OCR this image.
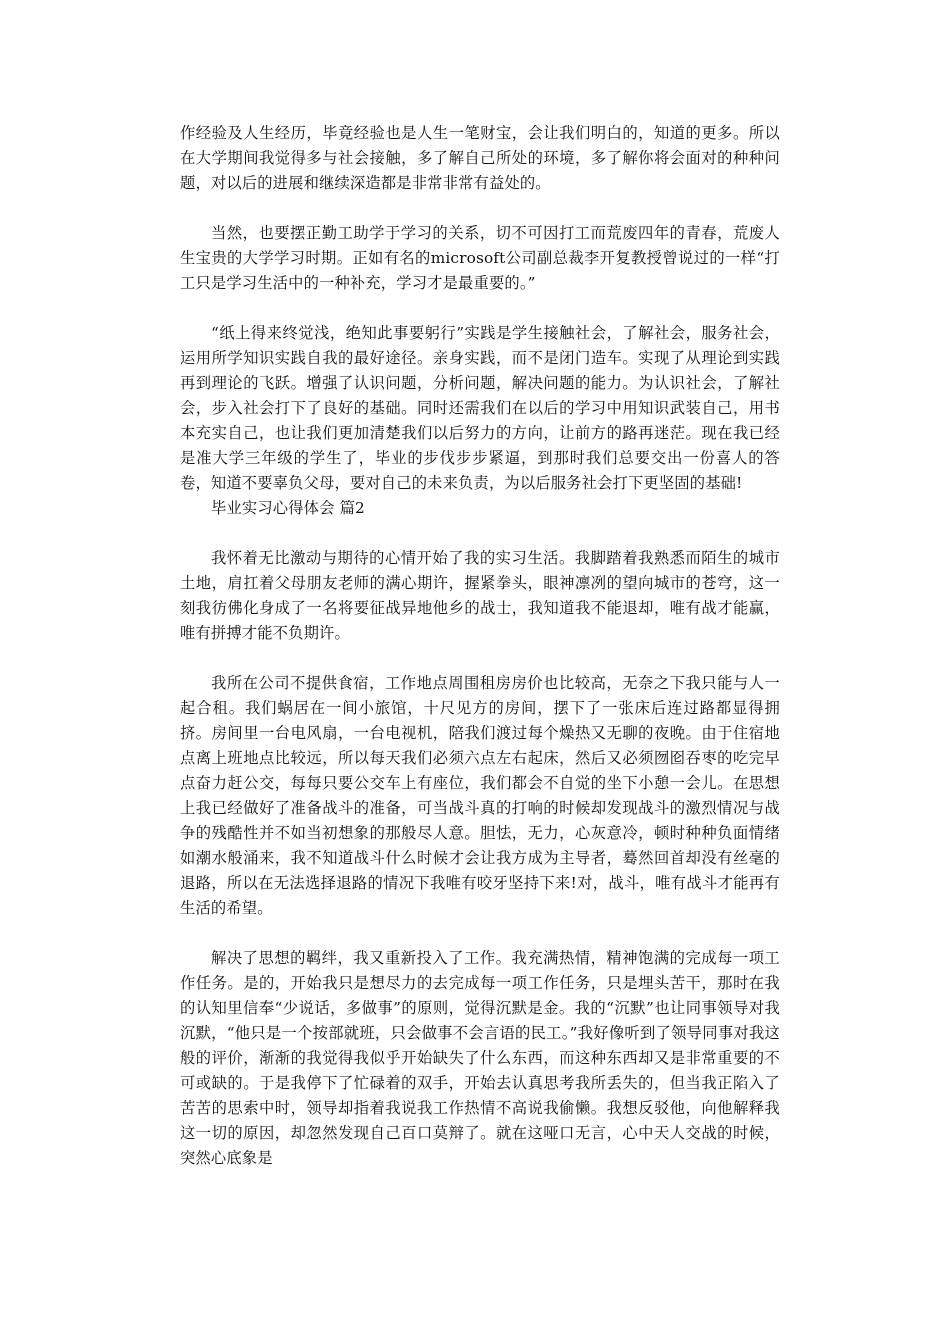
作经验及人生经历，毕竟经验也是人生一笔财宝，会让我们明白的，知道的更多。所以在大学期间我觉得多与社会接触，多了解自己所处的环境，多了解你将会面对的种种问题，对以后的进展和继续深造都是非常非常有益处的。

当然，也要摆正勤工助学于学习的关系，切不可因打工而荒废四年的青春，荒废人生宝贵的大学学习时期。正如有名的microsoft公司副总裁李开复教授曾说过的一样“打工只是学习生活中的一种补充，学习才是最重要的。”

“纸上得来终觉浅，绝知此事要躬行”实践是学生接触社会，了解社会，服务社会，运用所学知识实践自我的最好途径。亲身实践，而不是闭门造车。实现了从理论到实践再到理论的飞跃。增强了认识问题，分析问题，解决问题的能力。为认识社会，了解社会，步入社会打下了良好的基础。同时还需我们在以后的学习中用知识武装自己，用书本充实自己，也让我们更加清楚我们以后努力的方向，让前方的路再迷茫。现在我已经是准大学三年级的学生了，毕业的步伐步步紧逼，到那时我们总要交出一份喜人的答卷，知道不要辜负父母，要对自己的未来负责，为以后服务社会打下更坚固的基础!

毕业实习心得体会 篇2

我怀着无比激动与期待的心情开始了我的实习生活。我脚踏着我熟悉而陌生的城市土地，肩扛着父母朋友老师的满心期许，握紧拳头，眼神凛冽的望向城市的苍穹，这一刻我彷佛化身成了一名将要征战异地他乡的战士，我知道我不能退却，唯有战才能赢，唯有拼搏才能不负期许。

我所在公司不提供食宿，工作地点周围租房房价也比较高，无奈之下我只能与人一起合租。我们蜗居在一间小旅馆，十尺见方的房间，摆下了一张床后连过路都显得拥挤。房间里一台电风扇，一台电视机，陪我们渡过每个燥热又无聊的夜晚。由于住宿地点离上班地点比较远，所以每天我们必须六点左右起床，然后又必须囫囵吞枣的吃完早点奋力赶公交，每每只要公交车上有座位，我们都会不自觉的坐下小憩一会儿。在思想上我已经做好了准备战斗的准备，可当战斗真的打响的时候却发现战斗的激烈情况与战争的残酷性并不如当初想象的那般尽人意。胆怯，无力，心灰意冷，顿时种种负面情绪如潮水般涌来，我不知道战斗什么时候才会让我方成为主导者，蓦然回首却没有丝毫的退路，所以在无法选择退路的情况下我唯有咬牙坚持下来!对，战斗，唯有战斗才能再有生活的希望。

解决了思想的羁绊，我又重新投入了工作。我充满热情，精神饱满的完成每一项工作任务。是的，开始我只是想尽力的去完成每一项工作任务，只是埋头苦干，那时在我的认知里信奉“少说话，多做事”的原则，觉得沉默是金。我的“沉默”也让同事领导对我沉默，“他只是一个按部就班，只会做事不会言语的民工。”我好像听到了领导同事对我这般的评价，渐渐的我觉得我似乎开始缺失了什么东西，而这种东西却又是非常重要的不可或缺的。于是我停下了忙碌着的双手，开始去认真思考我所丢失的，但当我正陷入了苦苦的思索中时，领导却指着我说我工作热情不高说我偷懒。我想反驳他，向他解释我这一切的原因，却忽然发现自己百口莫辩了。就在这哑口无言，心中天人交战的时候，突然心底象是
